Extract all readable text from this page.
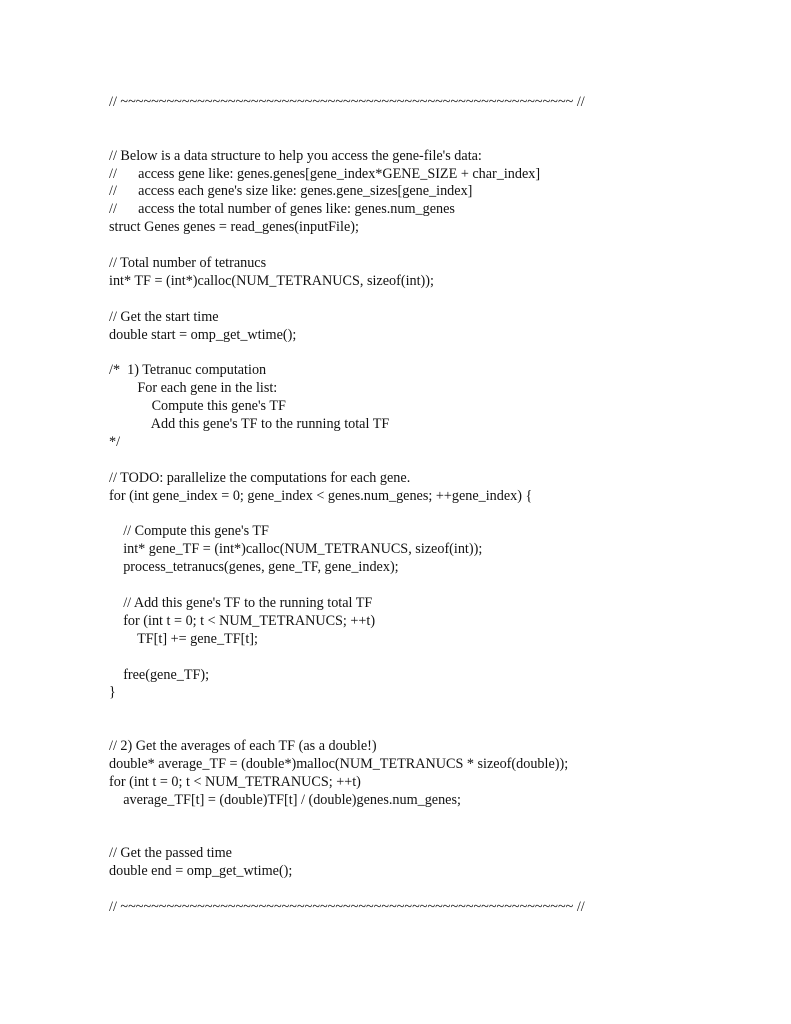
// ~~~~~~~~~~~~~~~~~~~~~~~~~~~~~~~~~~~~~~~~~~~~~~~~~~~~~~~~~~~ //
// Below is a data structure to help you access the gene-file's data:
//      access gene like: genes.genes[gene_index*GENE_SIZE + char_index]
//      access each gene's size like: genes.gene_sizes[gene_index]
//      access the total number of genes like: genes.num_genes
struct Genes genes = read_genes(inputFile);
// Total number of tetranucs
int* TF = (int*)calloc(NUM_TETRANUCS, sizeof(int));
// Get the start time
double start = omp_get_wtime();
/*  1) Tetranuc computation
For each gene in the list:
Compute this gene's TF
Add this gene's TF to the running total TF
*/
// TODO: parallelize the computations for each gene.
for (int gene_index = 0; gene_index < genes.num_genes; ++gene_index) {
// Compute this gene's TF
int* gene_TF = (int*)calloc(NUM_TETRANUCS, sizeof(int));
process_tetranucs(genes, gene_TF, gene_index);
// Add this gene's TF to the running total TF
for (int t = 0; t < NUM_TETRANUCS; ++t)
TF[t] += gene_TF[t];
free(gene_TF);
}
// 2) Get the averages of each TF (as a double!)
double* average_TF = (double*)malloc(NUM_TETRANUCS * sizeof(double));
for (int t = 0; t < NUM_TETRANUCS; ++t)
average_TF[t] = (double)TF[t] / (double)genes.num_genes;
// Get the passed time
double end = omp_get_wtime();
// ~~~~~~~~~~~~~~~~~~~~~~~~~~~~~~~~~~~~~~~~~~~~~~~~~~~~~~~~~~~ //
